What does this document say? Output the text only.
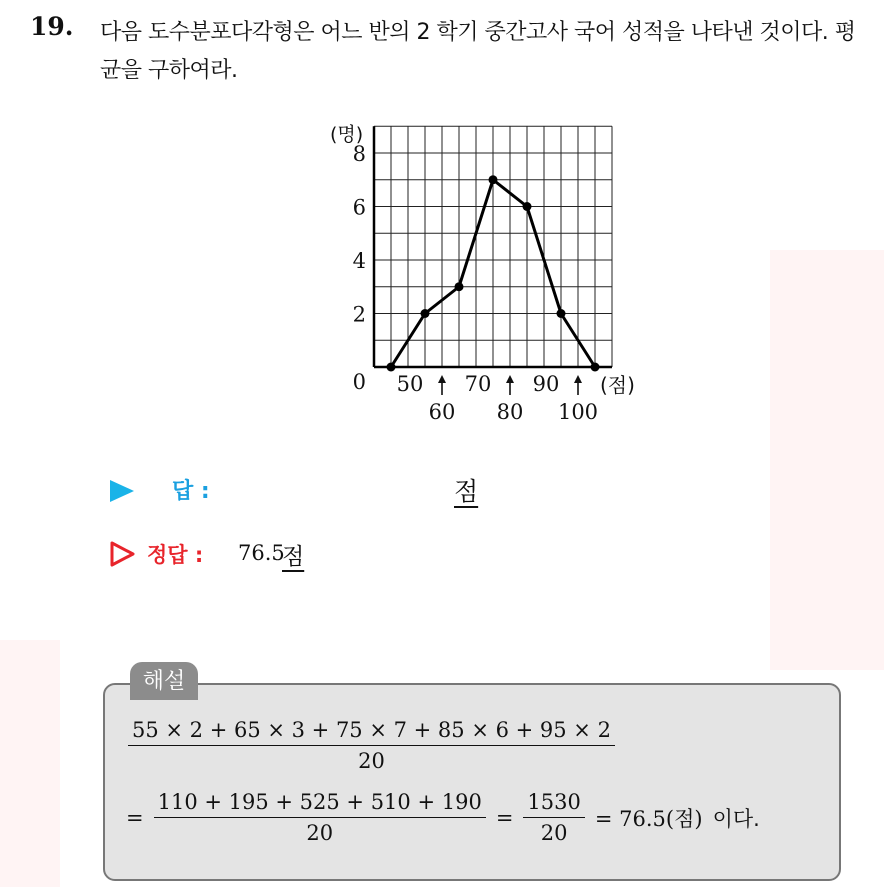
19. 다음 도수분포다각형은 어느 반의 2 학기 중간고사 국어 성적을 나타낸 것이다. 평균을 구하여라.
2
4
6
8
0
(명)
(점)
50 70 90
60 80 100
답 :	점
정답 : 76.5
점
해설
$\frac{55 \times 2 + 65 \times 3 + 75 \times 7 + 85 \times 6 + 95 \times 2}{20}$
= $\frac{110 + 195 + 525 + 510 + 190}{20} = \frac{1530}{20} = 76.5$(점) 이다.
